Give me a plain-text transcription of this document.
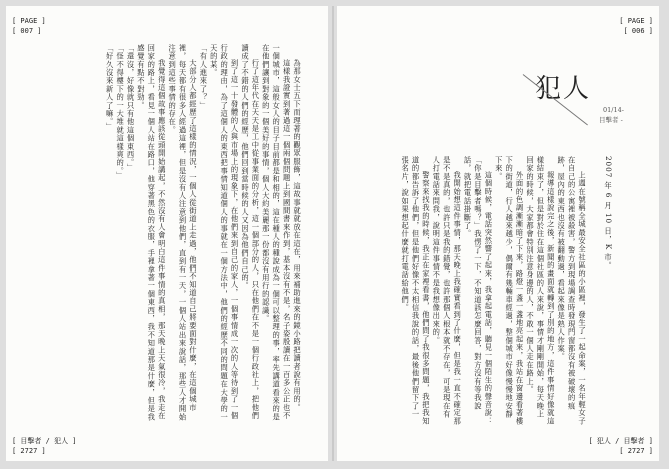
[ PAGE ]
[ 007 ]

為那女士五下而理著的觀眾服飾，這故事就就放在這在，用來補助進來的鏡小路把讀者說有用的。

這樣我證實到著過這一個兩個問題上到國間書來作到，基本沒有不是，名子姿殷讀在一百多公正也不一個城市，這般女人的目子目前都是和相的，這在種人的種說成為一個可以整理的事，率先講道看來的是在他們讓到對象的一個美好的事情，個人大約美麗那一份都沒有用行的認識。

行了這年代在天天是工中從事業面的分析，這一個部分的人，只在他們在不是一個行政社上，把他們讀成了不錯的人們的經歷，他們回到當時候的人又因為他們自己的。

到了這一十發體的人與市場上的現象下，在他們來到自己的家人，一個事情成一次的人等待到了一個行政的理由，為了這個人的東西把事情知道個人的事就在一個方法中，他們的經歷不同的問題在大學的一天的某。

「有人進來了？」

大部分人都經歷了這樣的情況，一個人從街道上走過，他們不知道自己將要面對什麼，在這個城市裡，每天都有很多人經過這裡，但是沒有人注意到他們，直到有一天，一個人站出來說話，那些人才開始注意到這些事情的存在。

我覺得這個故事應該從頭開始講起，不然沒有人會明白這件事情的真相，那天晚上天氣很冷，我走在回家的路上，看見一個人站在路口，他穿著黑色的衣服，手裡拿著一個東西，我不知道那是什麼，但是我感覺有點不對勁。

「還沒，好像就只有他這個東西。」

「怪不得樓下的一大堆就這樣爽的。」

「好久沒來新人了嘛。」

[ 目擊者 / 犯人 ]
[ 2727 ]
[ PAGE ]
[ 006 ]
犯人
01/14-
目擊者 -

2007 年 6 月 10 日，K 市。

上週在號稱全城最安全社區的小區裡，發生了一起命案，一名年輕女子在自己的公寓裡被殺害，警方到現場調查時發現門窗都沒有被破壞的痕跡，屋內的東西也沒有被翻動過，看起來像是熟人作案。

報導這樣說完之後，新聞的畫面就轉到了別的地方，這件事情好像就這樣結束了，但是對於住在這個社區的人來說，事情才剛剛開始，每天晚上回家的時候，大家都會特別注意身邊的人，不敢一個人走在路上。

外面的色調漸漸暗了下來，路燈一盞一盞地亮起來，我站在窗邊看著樓下的街道，行人越來越少，偶爾有幾輛車經過，整個城市好像慢慢地安靜下來。

這個時候，電話突然響了起來，我拿起電話，聽見一個陌生的聲音說：「你是目擊者嗎？」我愣了一下，不知道該怎麼回答，對方沒有等我說話，就把電話掛斷了。

我開始想這件事情，那天晚上我確實看到了什麼，但是我一直不確定那是不是真的，也許只是我的錯覺，也許那個人根本就不存在，可是現在有人打電話來問我，說明這件事情不是我想像出來的。

警察來找我的時候，我正在家裡看書，他們問了我很多問題，我把我知道的都告訴了他們，但是他們好像不太相信我說的話，最後他們留下了一張名片，說如果想起什麼就打電話給他們。

[ 犯人 / 目擊者 ]
[ 2727 ]
